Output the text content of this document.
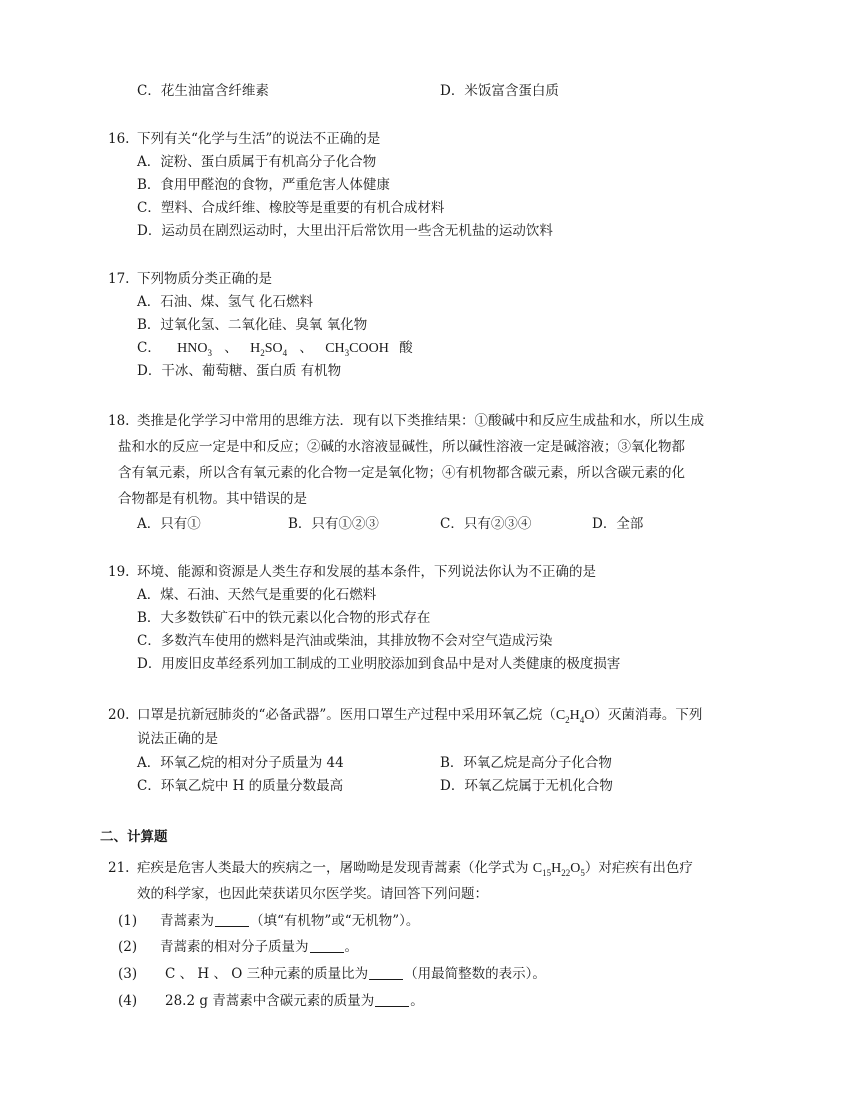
C．花生油富含纤维素	D．米饭富含蛋白质
16. 下列有关“化学与生活”的说法不正确的是
A．淀粉、蛋白质属于有机高分子化合物
B．食用甲醛泡的食物，严重危害人体健康
C．塑料、合成纤维、橡胶等是重要的有机合成材料
D．运动员在剧烈运动时，大里出汗后常饮用一些含无机盐的运动饮料
17. 下列物质分类正确的是
A．石油、煤、氢气 化石燃料
B．过氧化氢、二氧化硅、臭氧 氧化物
C． $HNO_3$ 、 $H_2SO_4$ 、 $CH_3COOH$ 酸
D．干冰、葡萄糖、蛋白质 有机物
18. 类推是化学学习中常用的思维方法．现有以下类推结果：①酸碱中和反应生成盐和水，所以生成
盐和水的反应一定是中和反应；②碱的水溶液显碱性，所以碱性溶液一定是碱溶液；③氧化物都
含有氧元素，所以含有氧元素的化合物一定是氧化物；④有机物都含碳元素，所以含碳元素的化
合物都是有机物。其中错误的是
A．只有①	B．只有①②③	C．只有②③④	D．全部
19. 环境、能源和资源是人类生存和发展的基本条件，下列说法你认为不正确的是
A．煤、石油、天然气是重要的化石燃料
B．大多数铁矿石中的铁元素以化合物的形式存在
C．多数汽车使用的燃料是汽油或柴油，其排放物不会对空气造成污染
D．用废旧皮革经系列加工制成的工业明胶添加到食品中是对人类健康的极度损害
20. 口罩是抗新冠肺炎的“必备武器”。医用口罩生产过程中采用环氧乙烷$(C_2H_4O)$灭菌消毒。下列
说法正确的是
A．环氧乙烷的相对分子质量为 44	B．环氧乙烷是高分子化合物
C．环氧乙烷中 H 的质量分数最高	D．环氧乙烷属于无机化合物
二、计算题
21. 疟疾是危害人类最大的疾病之一，屠呦呦是发现青蒿素（化学式为 $C_{15}H_{22}O_5$）对疟疾有出色疗
效的科学家，也因此荣获诺贝尔医学奖。请回答下列问题：
(1) 青蒿素为	（填“有机物”或“无机物”）。
(2) 青蒿素的相对分子质量为	。
(3) C 、 H 、 O 三种元素的质量比为	（用最简整数的表示）。
(4) 28.2 g 青蒿素中含碳元素的质量为	。
